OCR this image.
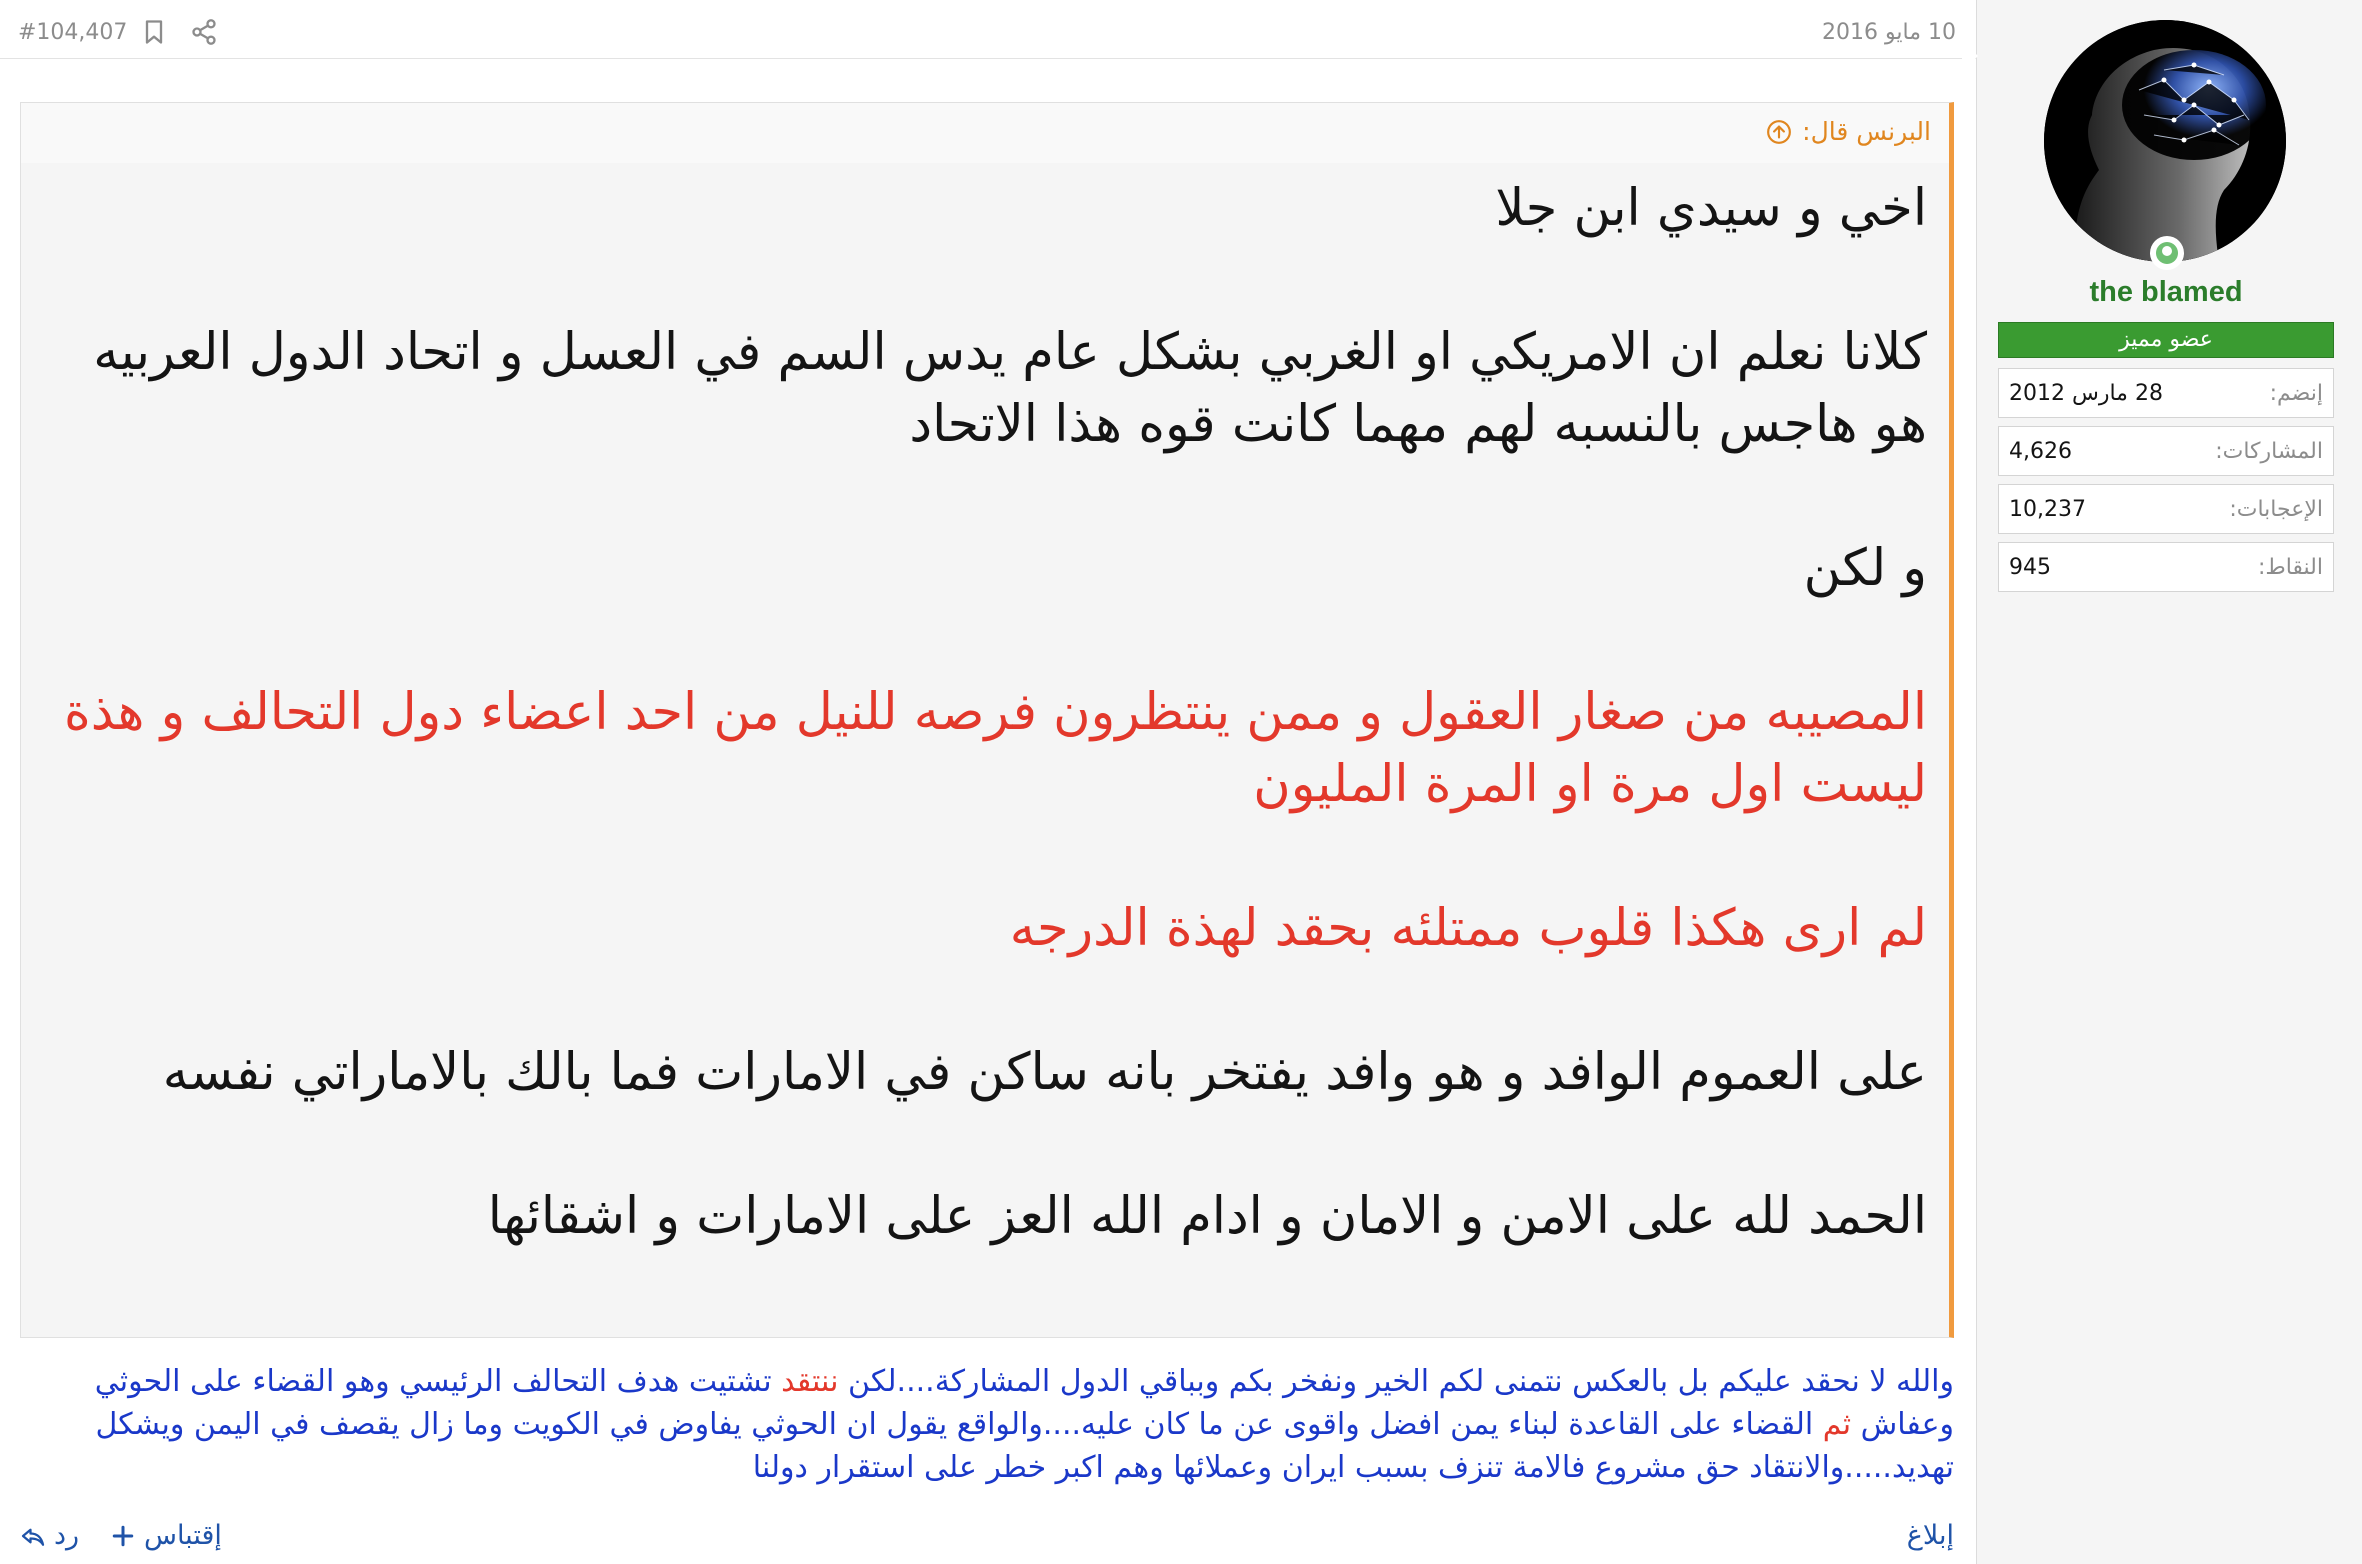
10 مايو 2016
#104,407
البرنس قال:

اخي و سيدي ابن جلا

كلانا نعلم ان الامريكي او الغربي بشكل عام يدس السم في العسل و اتحاد الدول العربيه هو هاجس بالنسبه لهم مهما كانت قوه هذا الاتحاد

و لكن

المصيبه من صغار العقول و ممن ينتظرون فرصه للنيل من احد اعضاء دول التحالف و هذة ليست اول مرة او المرة المليون

لم ارى هكذا قلوب ممتلئه بحقد لهذة الدرجه

على العموم الوافد و هو وافد يفتخر بانه ساكن في الامارات فما بالك بالاماراتي نفسه

الحمد لله على الامن و الامان و ادام الله العز على الامارات و اشقائها

والله لا نحقد عليكم بل بالعكس نتمنى لكم الخير ونفخر بكم وبباقي الدول المشاركة....لكن ننتقد تشتيت هدف التحالف الرئيسي وهو القضاء على الحوثي وعفاش ثم القضاء على القاعدة لبناء يمن افضل واقوى عن ما كان عليه....والواقع يقول ان الحوثي يفاوض في الكويت وما زال يقصف في اليمن ويشكل تهديد.....والانتقاد حق مشروع فالامة تنزف بسبب ايران وعملائها وهم اكبر خطر على استقرار دولنا
إبلاغ
إقتباس
رد
the blamed
عضو مميز
إنضم:
28 مارس 2012
المشاركات:
4,626
الإعجابات:
10,237
النقاط:
945
